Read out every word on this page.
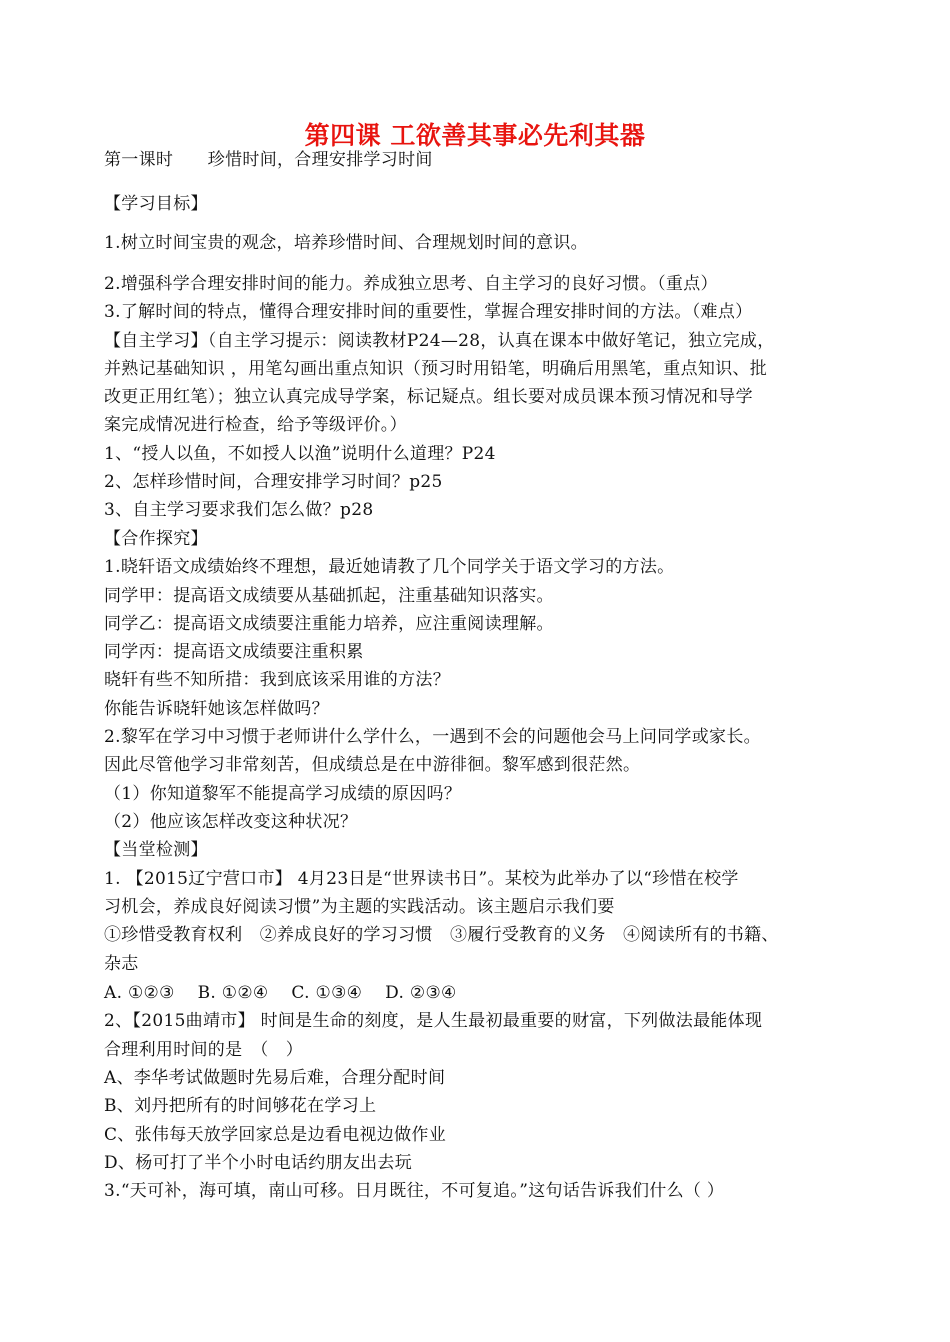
第四课 工欲善其事必先利其器
第一课时　　珍惜时间，合理安排学习时间
【学习目标】
1.树立时间宝贵的观念，培养珍惜时间、合理规划时间的意识。
2.增强科学合理安排时间的能力。养成独立思考、自主学习的良好习惯。（重点）
3.了解时间的特点，懂得合理安排时间的重要性，掌握合理安排时间的方法。（难点）
【自主学习】（自主学习提示：阅读教材P24—28，认真在课本中做好笔记，独立完成，
并熟记基础知识 ，用笔勾画出重点知识（预习时用铅笔，明确后用黑笔，重点知识、批
改更正用红笔）；独立认真完成导学案，标记疑点。组长要对成员课本预习情况和导学
案完成情况进行检查，给予等级评价。）
1、“授人以鱼，不如授人以渔”说明什么道理？P24
2、怎样珍惜时间，合理安排学习时间？p25
3、自主学习要求我们怎么做？p28
【合作探究】
1.晓轩语文成绩始终不理想，最近她请教了几个同学关于语文学习的方法。
同学甲：提高语文成绩要从基础抓起，注重基础知识落实。
同学乙：提高语文成绩要注重能力培养，应注重阅读理解。
同学丙：提高语文成绩要注重积累
晓轩有些不知所措：我到底该采用谁的方法？
你能告诉晓轩她该怎样做吗？
2.黎军在学习中习惯于老师讲什么学什么，一遇到不会的问题他会马上问同学或家长。
因此尽管他学习非常刻苦，但成绩总是在中游徘徊。黎军感到很茫然。
（1）你知道黎军不能提高学习成绩的原因吗？
（2）他应该怎样改变这种状况？
【当堂检测】
1. 【2015辽宁营口市】 4月23日是“世界读书日”。某校为此举办了以“珍惜在校学
习机会，养成良好阅读习惯”为主题的实践活动。该主题启示我们要
①珍惜受教育权利　②养成良好的学习习惯　③履行受教育的义务　④阅读所有的书籍、
杂志
A. ①②③　 B. ①②④　 C. ①③④　 D. ②③④
2、【2015曲靖市】 时间是生命的刻度，是人生最初最重要的财富，下列做法最能体现
合理利用时间的是　（　）
A、李华考试做题时先易后难，合理分配时间
B、刘丹把所有的时间够花在学习上
C、张伟每天放学回家总是边看电视边做作业
D、杨可打了半个小时电话约朋友出去玩
3.“天可补，海可填，南山可移。日月既往，不可复追。”这句话告诉我们什么（ ）
